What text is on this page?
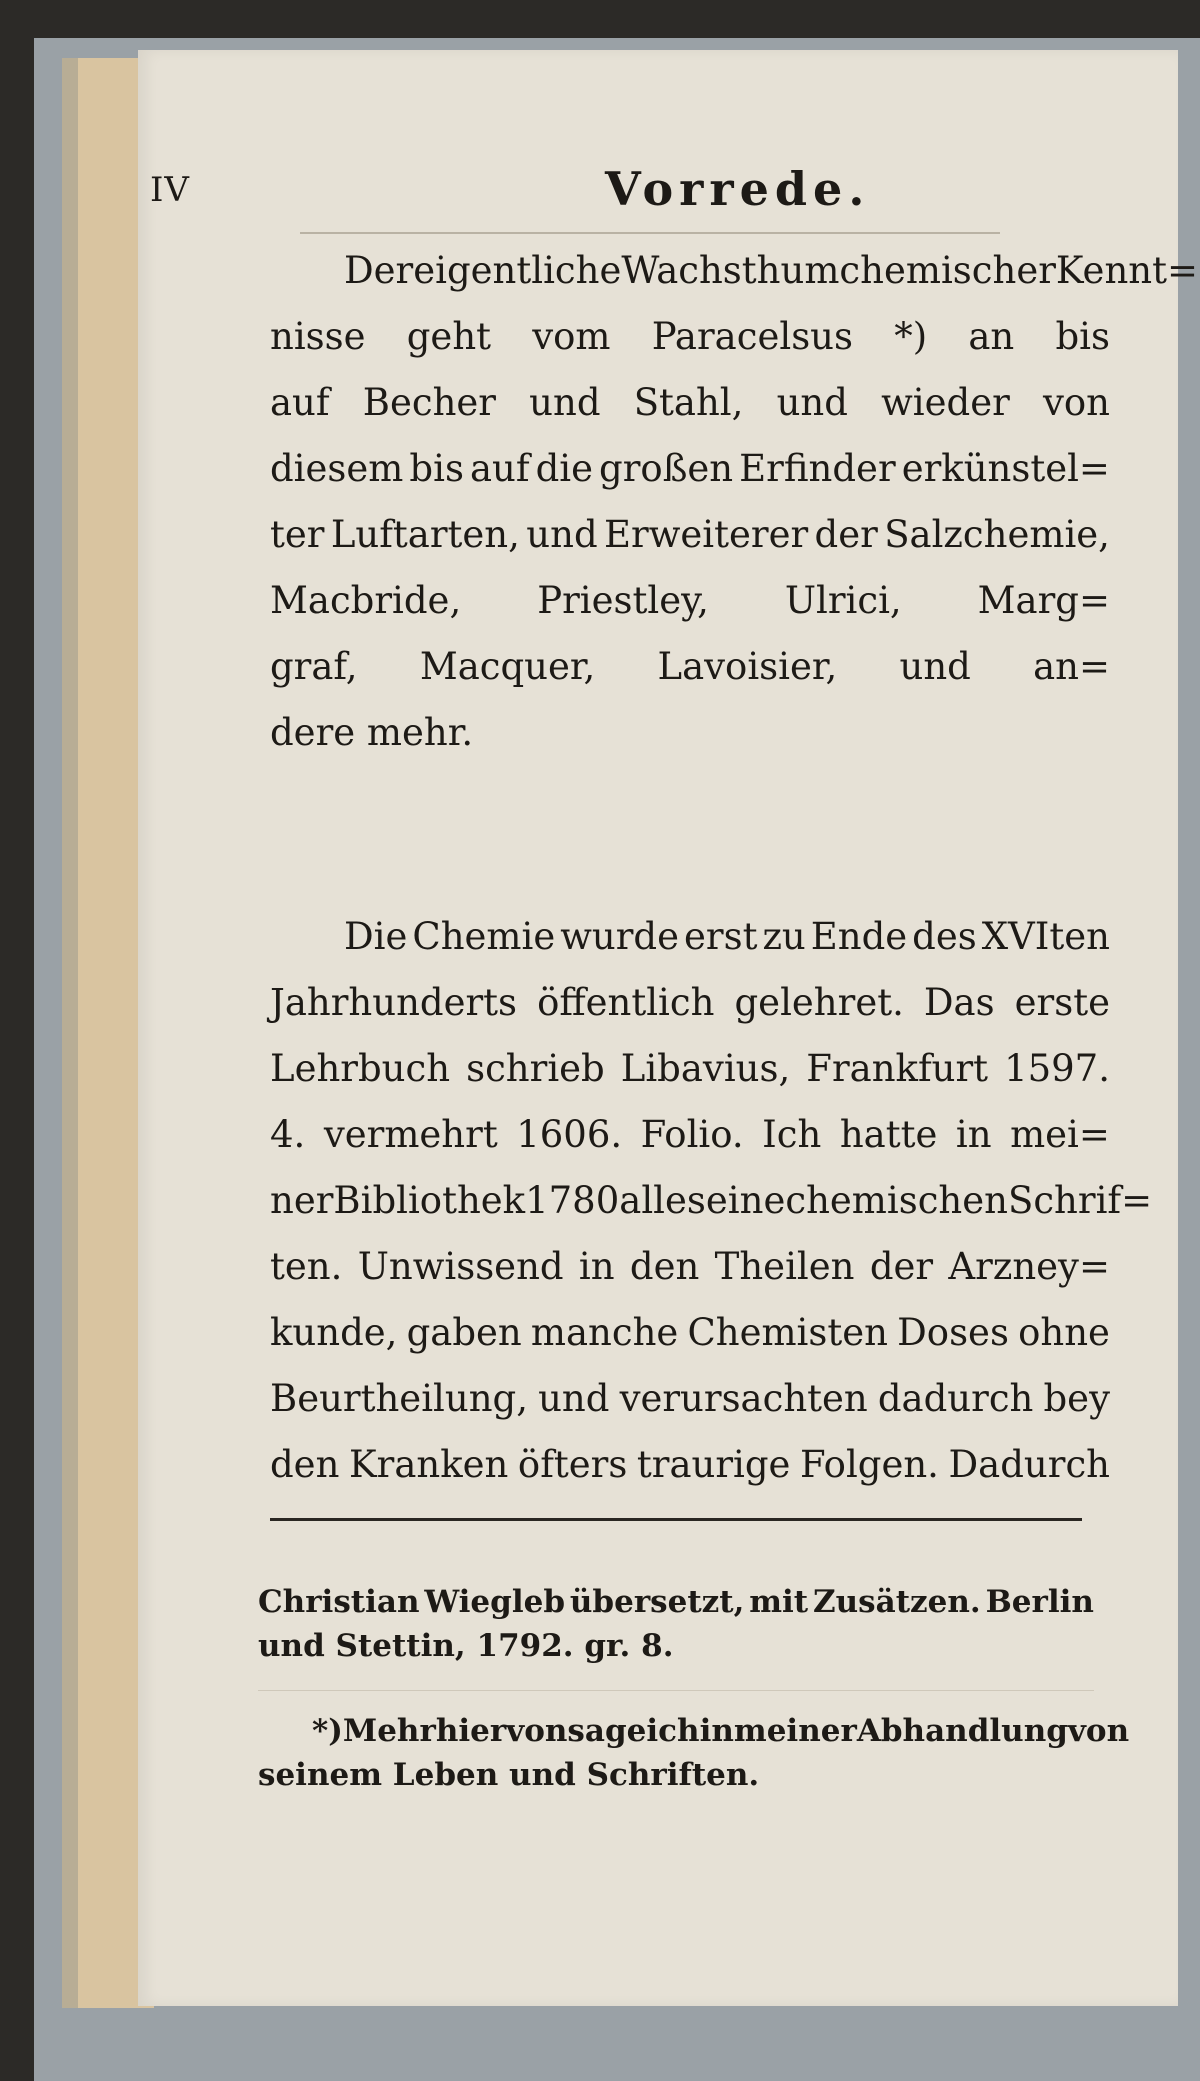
IV	Vorrede.
Der eigentliche Wachsthum chemischer Kennt=
nisse geht vom Paracelsus *) an bis
auf Becher und Stahl, und wieder von
diesem bis auf die großen Erfinder erkünstel=
ter Luftarten, und Erweiterer der Salzchemie,
Macbride, Priestley, Ulrici, Marg=
graf, Macquer, Lavoisier, und an=
dere mehr.
Die Chemie wurde erst zu Ende des XVIten
Jahrhunderts öffentlich gelehret. Das erste
Lehrbuch schrieb Libavius, Frankfurt 1597.
4. vermehrt 1606. Folio. Ich hatte in mei=
ner Bibliothek 1780 alle seine chemischen Schrif=
ten. Unwissend in den Theilen der Arzney=
kunde, gaben manche Chemisten Doses ohne
Beurtheilung, und verursachten dadurch bey
den Kranken öfters traurige Folgen. Dadurch
Christian Wiegleb übersetzt, mit Zusätzen. Berlin
und Stettin, 1792. gr. 8.
*) Mehr hiervon sage ich in meiner Abhandlung von
seinem Leben und Schriften.
